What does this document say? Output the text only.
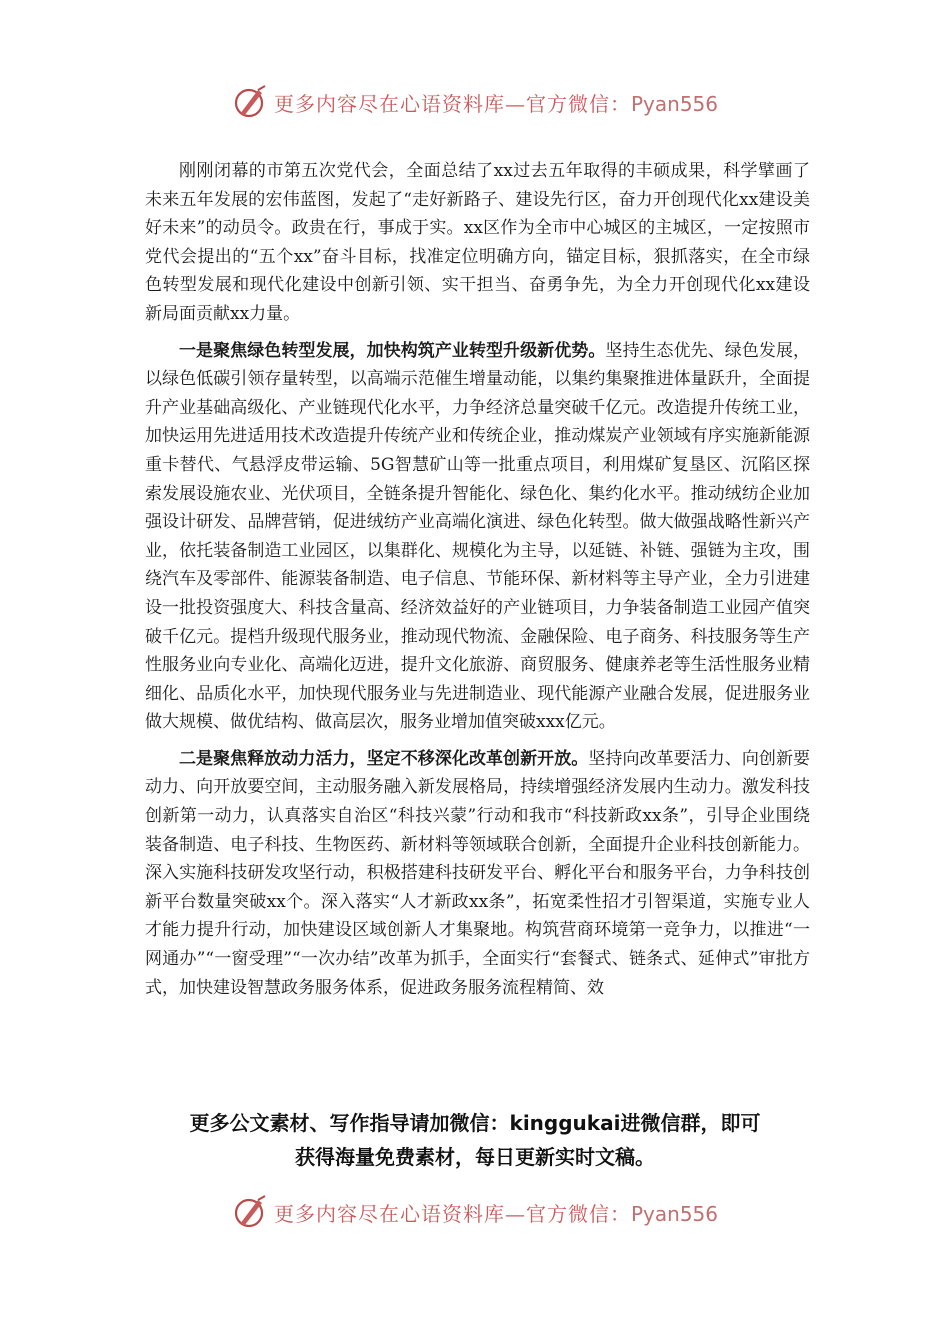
更多内容尽在心语资料库—官方微信：Pyan556

刚刚闭幕的市第五次党代会，全面总结了xx过去五年取得的丰硕成果，科学擘画了未来五年发展的宏伟蓝图，发起了“走好新路子、建设先行区，奋力开创现代化xx建设美好未来”的动员令。政贵在行，事成于实。xx区作为全市中心城区的主城区，一定按照市党代会提出的“五个xx”奋斗目标，找准定位明确方向，锚定目标，狠抓落实，在全市绿色转型发展和现代化建设中创新引领、实干担当、奋勇争先，为全力开创现代化xx建设新局面贡献xx力量。

一是聚焦绿色转型发展，加快构筑产业转型升级新优势。坚持生态优先、绿色发展，以绿色低碳引领存量转型，以高端示范催生增量动能，以集约集聚推进体量跃升，全面提升产业基础高级化、产业链现代化水平，力争经济总量突破千亿元。改造提升传统工业，加快运用先进适用技术改造提升传统产业和传统企业，推动煤炭产业领域有序实施新能源重卡替代、气悬浮皮带运输、5G智慧矿山等一批重点项目，利用煤矿复垦区、沉陷区探索发展设施农业、光伏项目，全链条提升智能化、绿色化、集约化水平。推动绒纺企业加强设计研发、品牌营销，促进绒纺产业高端化演进、绿色化转型。做大做强战略性新兴产业，依托装备制造工业园区，以集群化、规模化为主导，以延链、补链、强链为主攻，围绕汽车及零部件、能源装备制造、电子信息、节能环保、新材料等主导产业，全力引进建设一批投资强度大、科技含量高、经济效益好的产业链项目，力争装备制造工业园产值突破千亿元。提档升级现代服务业，推动现代物流、金融保险、电子商务、科技服务等生产性服务业向专业化、高端化迈进，提升文化旅游、商贸服务、健康养老等生活性服务业精细化、品质化水平，加快现代服务业与先进制造业、现代能源产业融合发展，促进服务业做大规模、做优结构、做高层次，服务业增加值突破xxx亿元。

二是聚焦释放动力活力，坚定不移深化改革创新开放。坚持向改革要活力、向创新要动力、向开放要空间，主动服务融入新发展格局，持续增强经济发展内生动力。激发科技创新第一动力，认真落实自治区“科技兴蒙”行动和我市“科技新政xx条”，引导企业围绕装备制造、电子科技、生物医药、新材料等领域联合创新，全面提升企业科技创新能力。深入实施科技研发攻坚行动，积极搭建科技研发平台、孵化平台和服务平台，力争科技创新平台数量突破xx个。深入落实“人才新政xx条”，拓宽柔性招才引智渠道，实施专业人才能力提升行动，加快建设区域创新人才集聚地。构筑营商环境第一竞争力，以推进“一网通办”“一窗受理”“一次办结”改革为抓手，全面实行“套餐式、链条式、延伸式”审批方式，加快建设智慧政务服务体系，促进政务服务流程精简、效

更多公文素材、写作指导请加微信：kinggukai进微信群，即可
获得海量免费素材，每日更新实时文稿。
更多内容尽在心语资料库—官方微信：Pyan556
